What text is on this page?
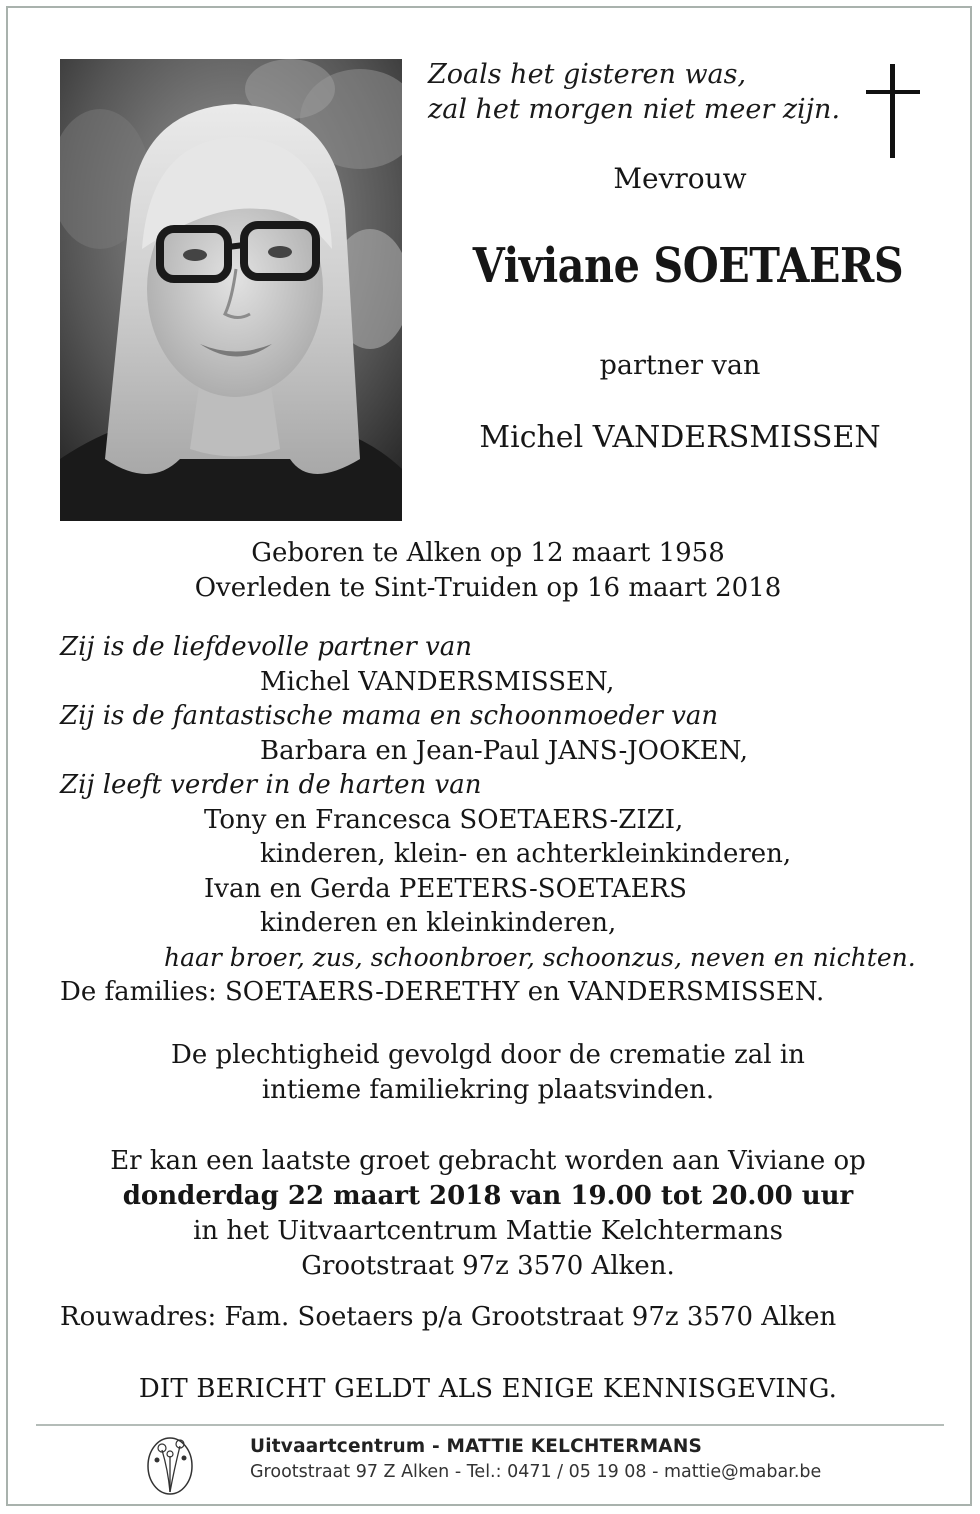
Zoals het gisteren was,
zal het morgen niet meer zijn.
Mevrouw
Viviane SOETAERS
partner van
Michel VANDERSMISSEN
Geboren te Alken op 12 maart 1958
Overleden te Sint-Truiden op 16 maart 2018
Zij is de liefdevolle partner van
Michel VANDERSMISSEN,
Zij is de fantastische mama en schoonmoeder van
Barbara en Jean-Paul JANS-JOOKEN,
Zij leeft verder in de harten van
Tony en Francesca SOETAERS-ZIZI,
kinderen, klein- en achterkleinkinderen,
Ivan en Gerda PEETERS-SOETAERS
kinderen en kleinkinderen,
haar broer, zus, schoonbroer, schoonzus, neven en nichten.
De families: SOETAERS-DERETHY en VANDERSMISSEN.
De plechtigheid gevolgd door de crematie zal in
intieme familiekring plaatsvinden.
Er kan een laatste groet gebracht worden aan Viviane op
donderdag 22 maart 2018 van 19.00 tot 20.00 uur
in het Uitvaartcentrum Mattie Kelchtermans
Grootstraat 97z 3570 Alken.
Rouwadres: Fam. Soetaers p/a Grootstraat 97z 3570 Alken
DIT BERICHT GELDT ALS ENIGE KENNISGEVING.
Uitvaartcentrum - MATTIE KELCHTERMANS
Grootstraat 97 Z Alken - Tel.: 0471 / 05 19 08 - mattie@mabar.be
